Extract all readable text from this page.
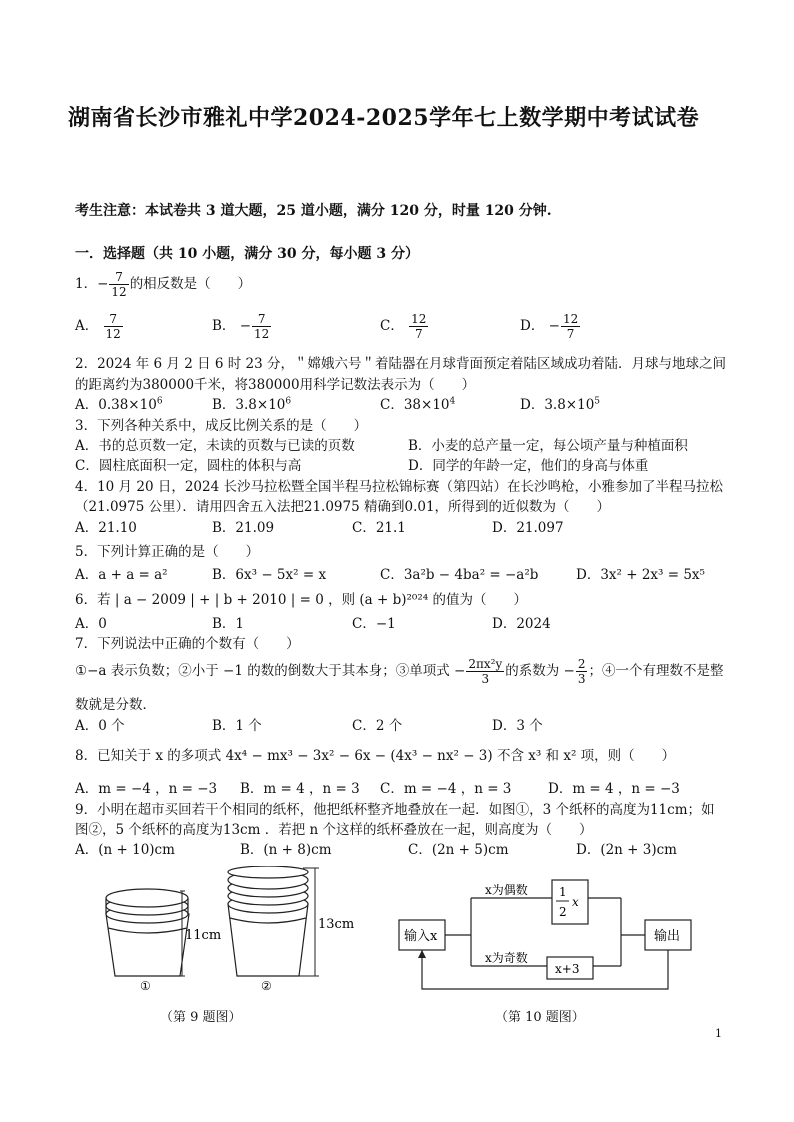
湖南省长沙市雅礼中学2024-2025学年七上数学期中考试试卷
考生注意：本试卷共 3 道大题，25 道小题，满分 120 分，时量 120 分钟.
一．选择题（共 10 小题，满分 30 分，每小题 3 分）
1．− $\frac{7}{12}$ 的相反数是（　　）
A． $\frac{7}{12}$	B． − $\frac{7}{12}$	C． $\frac{12}{7}$	D． − $\frac{12}{7}$
2．2024 年 6 月 2 日 6 时 23 分，＂嫦娥六号＂着陆器在月球背面预定着陆区域成功着陆．月球与地球之间
的距离约为380000千米，将380000用科学记数法表示为（　　）
A．$0.38\times 10^6$	B．$3.8\times 10^6$	C．$38\times 10^4$	D．$3.8\times 10^5$
3．下列各种关系中，成反比例关系的是（　　）
A．书的总页数一定，未读的页数与已读的页数	B．小麦的总产量一定，每公顷产量与种植面积
C．圆柱底面积一定，圆柱的体积与高	D．同学的年龄一定，他们的身高与体重
4．10 月 20 日，2024 长沙马拉松暨全国半程马拉松锦标赛（第四站）在长沙鸣枪，小雅参加了半程马拉松
（21.0975 公里）．请用四舍五入法把21.0975 精确到0.01，所得到的近似数为（　　）
A．21.10	B．21.09	C．21.1	D．21.097
5．下列计算正确的是（　　）
A．a + a = a²	B．6x³ − 5x² = x	C．3a²b − 4ba² = −a²b	D．3x² + 2x³ = 5x⁵
6．若 | a − 2009 | + | b + 2010 | = 0 ，则 (a + b)²⁰²⁴ 的值为（　　）
A．0	B．1	C．−1	D．2024
7．下列说法中正确的个数有（　　）
①−a 表示负数；②小于 −1 的数的倒数大于其本身；③单项式 − $\frac{\text{2πx²y}}{3}$ 的系数为 − $\frac{2}{3}$ ；④一个有理数不是整
数就是分数．
A．0 个	B．1 个	C．2 个	D．3 个
8．已知关于 x 的多项式 4x⁴ − mx³ − 3x² − 6x − (4x³ − nx² − 3) 不含 x³ 和 x² 项，则（　　）
A．m = −4 ，n = −3 B．m = 4 ，n = 3 C．m = −4 ，n = 3	D．m = 4 ，n = −3
9．小明在超市买回若干个相同的纸杯，他把纸杯整齐地叠放在一起．如图①，3 个纸杯的高度为11cm；如
图②，5 个纸杯的高度为13cm ．若把 n 个这样的纸杯叠放在一起，则高度为（　　）
A．(n + 10)cm	B．(n + 8)cm	C．(2n + 5)cm	D．(2n + 3)cm
11cm
13cm
①	②
（第 9 题图）
输入x	输出
x为偶数
x为奇数
1
2
x
x+3
（第 10 题图）
1
